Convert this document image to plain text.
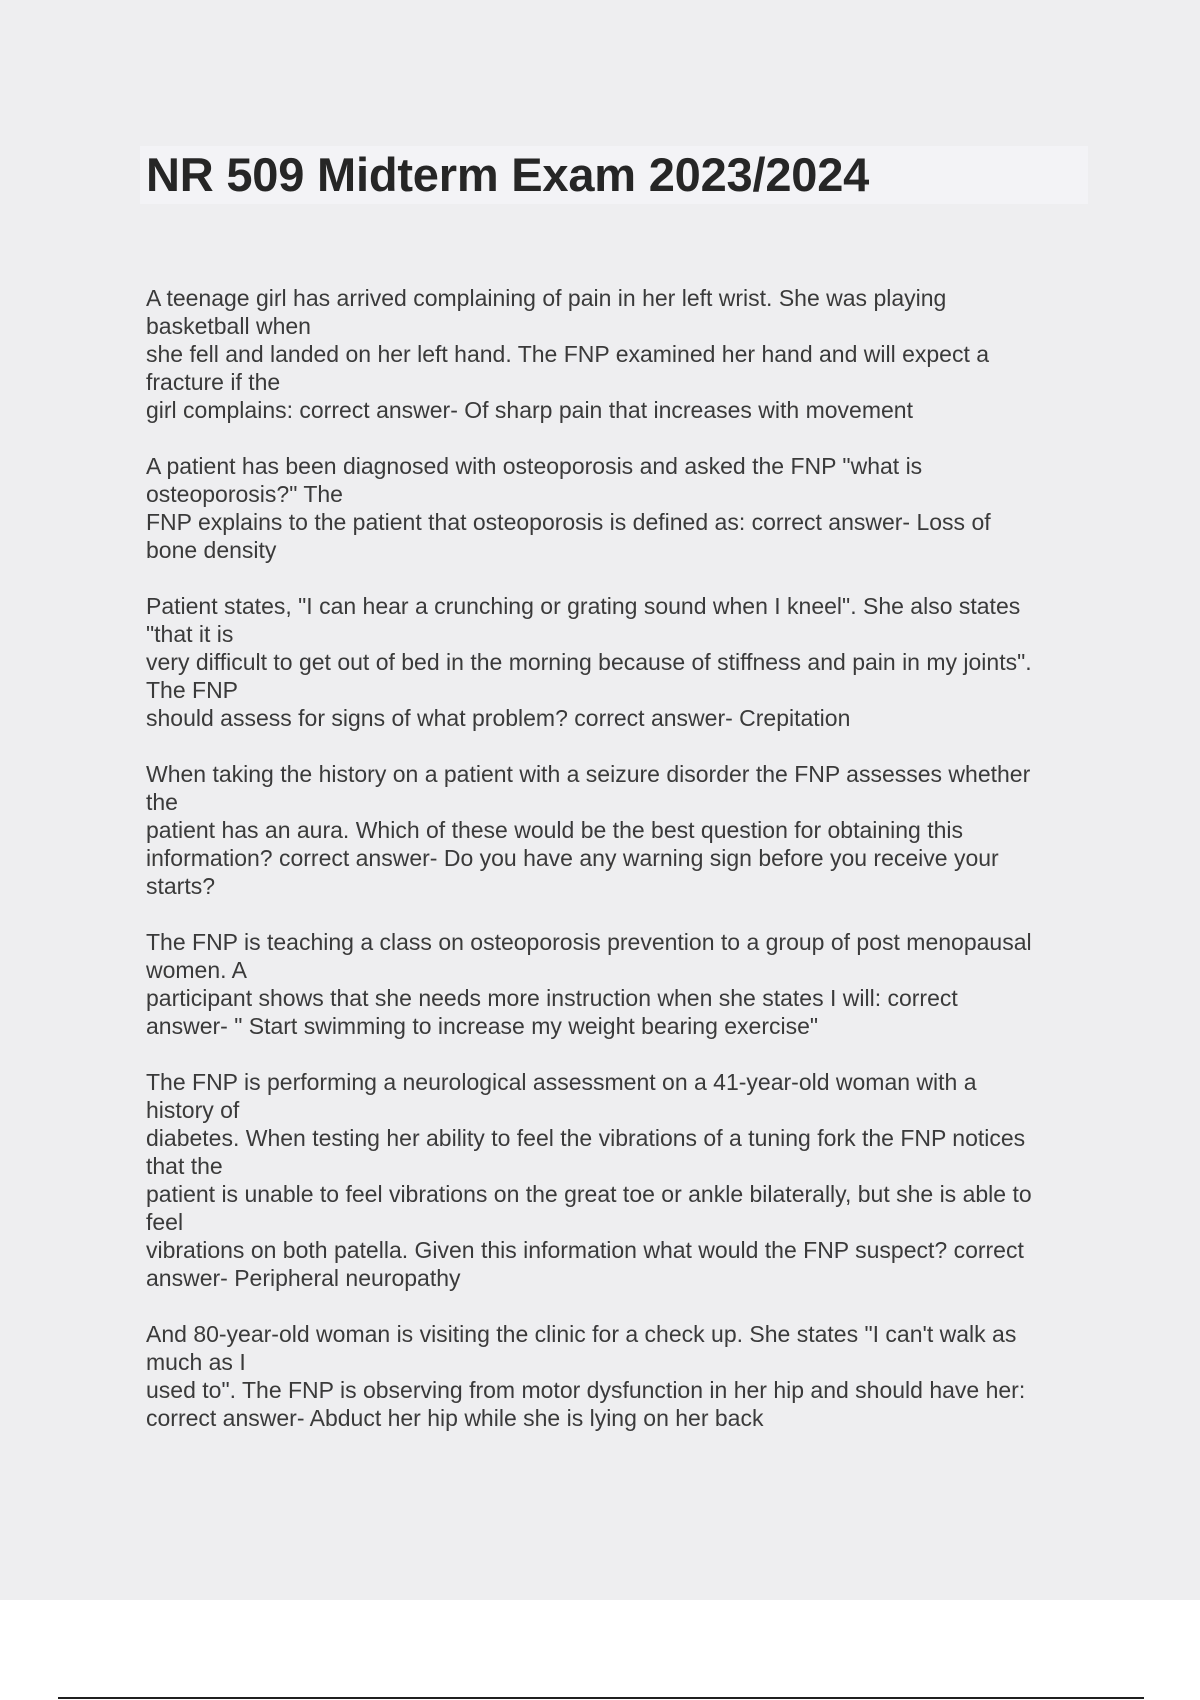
NR 509 Midterm Exam 2023/2024
A teenage girl has arrived complaining of pain in her left wrist. She was playing
basketball when
she fell and landed on her left hand. The FNP examined her hand and will expect a
fracture if the
girl complains: correct answer- Of sharp pain that increases with movement
A patient has been diagnosed with osteoporosis and asked the FNP "what is
osteoporosis?" The
FNP explains to the patient that osteoporosis is defined as: correct answer- Loss of
bone density
Patient states, "I can hear a crunching or grating sound when I kneel". She also states
"that it is
very difficult to get out of bed in the morning because of stiffness and pain in my joints".
The FNP
should assess for signs of what problem? correct answer- Crepitation
When taking the history on a patient with a seizure disorder the FNP assesses whether
the
patient has an aura. Which of these would be the best question for obtaining this
information? correct answer- Do you have any warning sign before you receive your
starts?
The FNP is teaching a class on osteoporosis prevention to a group of post menopausal
women. A
participant shows that she needs more instruction when she states I will: correct
answer- " Start swimming to increase my weight bearing exercise"
The FNP is performing a neurological assessment on a 41-year-old woman with a
history of
diabetes. When testing her ability to feel the vibrations of a tuning fork the FNP notices
that the
patient is unable to feel vibrations on the great toe or ankle bilaterally, but she is able to
feel
vibrations on both patella. Given this information what would the FNP suspect? correct
answer- Peripheral neuropathy
And 80-year-old woman is visiting the clinic for a check up. She states "I can't walk as
much as I
used to". The FNP is observing from motor dysfunction in her hip and should have her:
correct answer- Abduct her hip while she is lying on her back
